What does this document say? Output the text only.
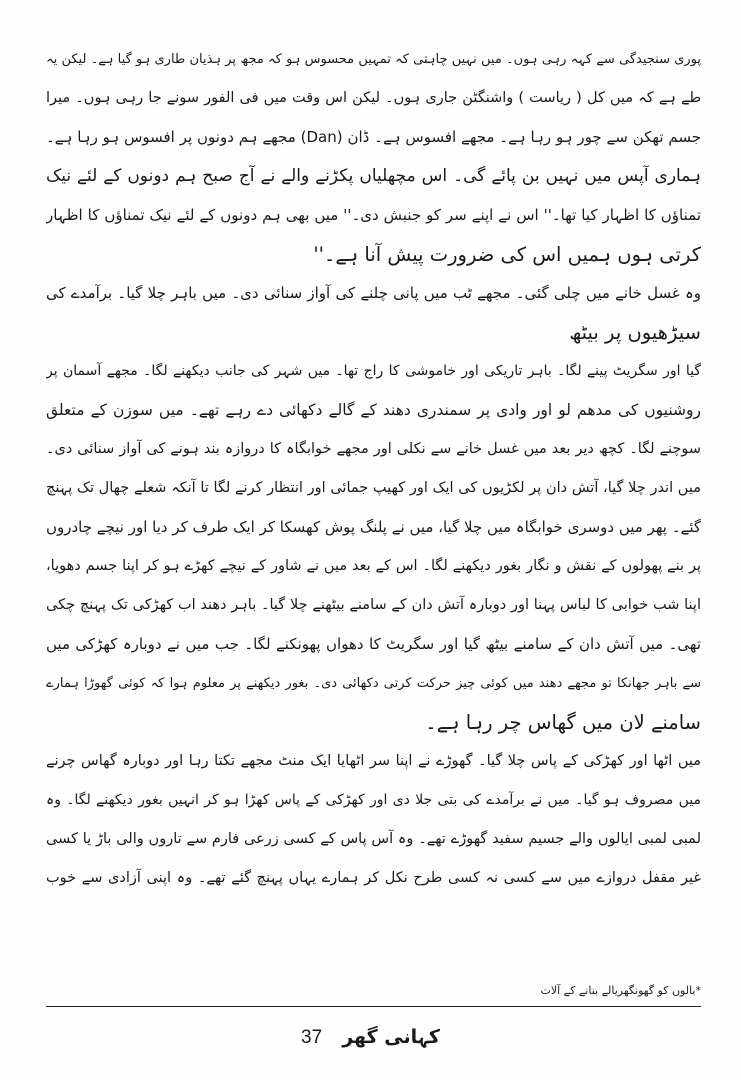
پوری سنجیدگی سے کہہ رہی ہوں۔ میں نہیں چاہتی کہ تمہیں محسوس ہو کہ مجھ پر ہذیان طاری ہو گیا ہے۔ لیکن یہ
طے ہے کہ میں کل ( ریاست ) واشنگٹن جاری ہوں۔ لیکن اس وقت میں فی الفور سونے جا رہی ہوں۔ میرا
جسم تھکن سے چور ہو رہا ہے۔ مجھے افسوس ہے۔ ڈان (Dan) مجھے ہم دونوں پر افسوس ہو رہا ہے۔
ہماری آپس میں نہیں بن پائے گی۔ اس مچھلیاں پکڑنے والے نے آج صبح ہم دونوں کے لئے نیک
تمناؤں کا اظہار کیا تھا۔'' اس نے اپنے سر کو جنبش دی۔'' میں بھی ہم دونوں کے لئے نیک تمناؤں کا اظہار
کرتی ہوں ہمیں اس کی ضرورت پیش آنا ہے۔''
وہ غسل خانے میں چلی گئی۔ مجھے ٹب میں پانی چلنے کی آواز سنائی دی۔ میں باہر چلا گیا۔ برآمدے کی
سیڑھیوں پر بیٹھ
گیا اور سگریٹ پینے لگا۔ باہر تاریکی اور خاموشی کا راج تھا۔ میں شہر کی جانب دیکھنے لگا۔ مجھے آسمان پر
روشنیوں کی مدھم لو اور وادی پر سمندری دھند کے گالے دکھائی دے رہے تھے۔ میں سوزن کے متعلق
سوچنے لگا۔ کچھ دیر بعد میں غسل خانے سے نکلی اور مجھے خوابگاہ کا دروازہ بند ہونے کی آواز سنائی دی۔
میں اندر چلا گیا، آتش دان پر لکڑیوں کی ایک اور کھیپ جمائی اور انتظار کرنے لگا تا آنکہ شعلے چھال تک پہنچ
گئے۔ پھر میں دوسری خوابگاہ میں چلا گیا، میں نے پلنگ پوش کھسکا کر ایک طرف کر دیا اور نیچے چادروں
پر بنے پھولوں کے نقش و نگار بغور دیکھنے لگا۔ اس کے بعد میں نے شاور کے نیچے کھڑے ہو کر اپنا جسم دھویا،
اپنا شب خوابی کا لباس پہنا اور دوبارہ آتش دان کے سامنے بیٹھنے چلا گیا۔ باہر دھند اب کھڑکی تک پہنچ چکی
تھی۔ میں آتش دان کے سامنے بیٹھ گیا اور سگریٹ کا دھواں پھونکنے لگا۔ جب میں نے دوبارہ کھڑکی میں
سے باہر جھانکا تو مجھے دھند میں کوئی چیز حرکت کرتی دکھائی دی۔ بغور دیکھنے پر معلوم ہوا کہ کوئی گھوڑا ہمارے
سامنے لان میں گھاس چر رہا ہے۔
میں اٹھا اور کھڑکی کے پاس چلا گیا۔ گھوڑے نے اپنا سر اٹھایا ایک منٹ مجھے تکتا رہا اور دوبارہ گھاس چرنے
میں مصروف ہو گیا۔ میں نے برآمدے کی بتی جلا دی اور کھڑکی کے پاس کھڑا ہو کر انہیں بغور دیکھنے لگا۔ وہ
لمبی لمبی ایالوں والے جسیم سفید گھوڑے تھے۔ وہ آس پاس کے کسی زرعی فارم سے تاروں والی باڑ یا کسی
غیر مقفل دروازے میں سے کسی نہ کسی طرح نکل کر ہمارے یہاں پہنچ گئے تھے۔ وہ اپنی آزادی سے خوب
*بالوں کو گھونگھریالے بنانے کے آلات
37 کہانی گھر
